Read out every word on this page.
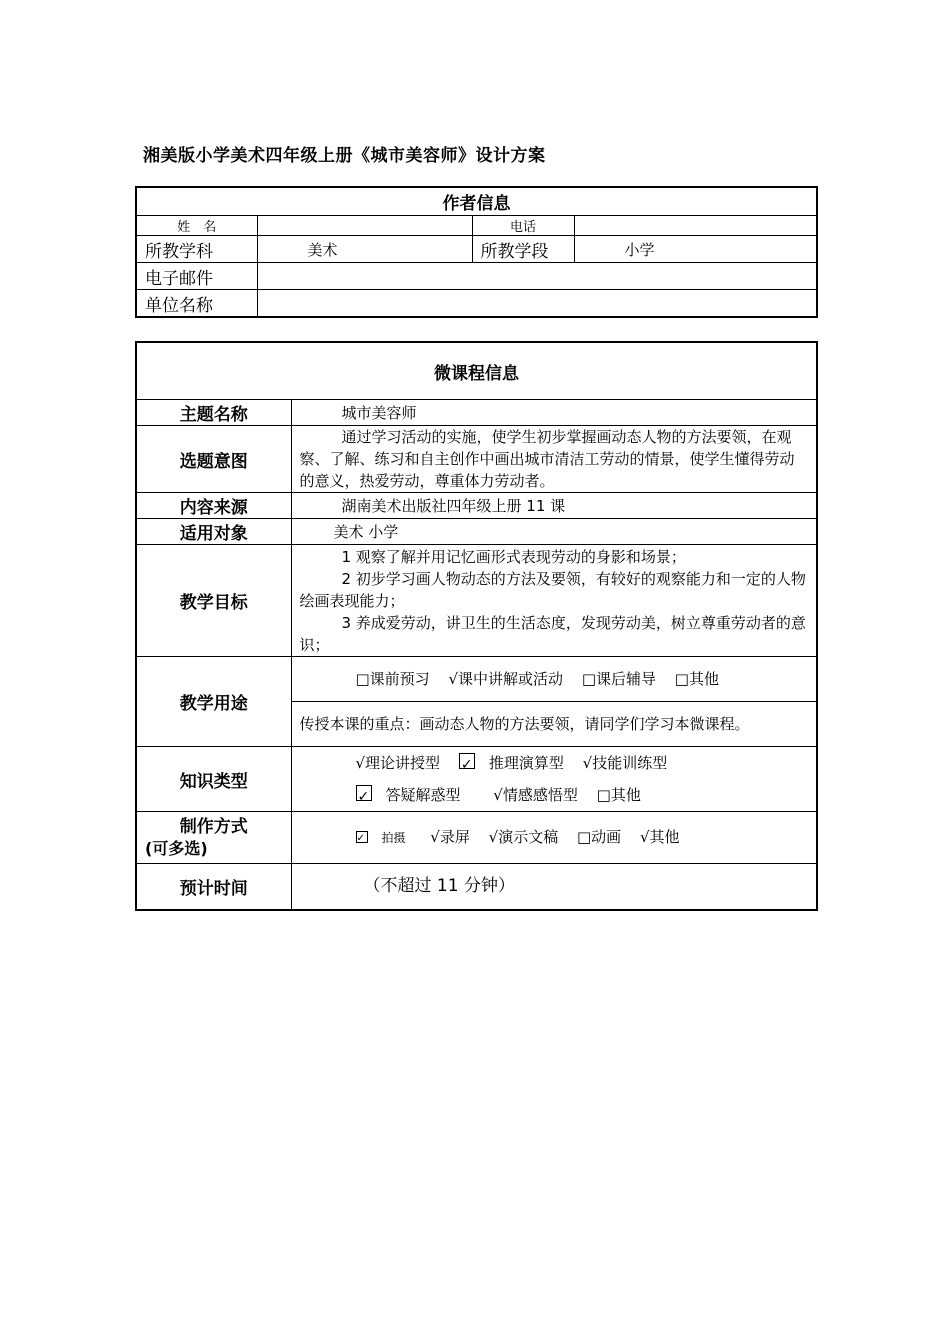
湘美版小学美术四年级上册《城市美容师》设计方案
作者信息			
姓　名		电话	
所教学科	美术	所教学段	小学
电子邮件			
单位名称			
微课程信息	
主题名称	城市美容师
选题意图	通过学习活动的实施，使学生初步掌握画动态人物的方法要领，在观察、了解、练习和自主创作中画出城市清洁工劳动的情景，使学生懂得劳动的意义，热爱劳动，尊重体力劳动者。

内容来源	湖南美术出版社四年级上册 11 课
适用对象	美术 小学
教学目标	1 观察了解并用记忆画形式表现劳动的身影和场景；

2 初步学习画人物动态的方法及要领，有较好的观察能力和一定的人物绘画表现能力；

3 养成爱劳动，讲卫生的生活态度，发现劳动美，树立尊重劳动者的意识；

教学用途	□课前预习 √课中讲解或活动 □课后辅导 □其他
	传授本课的重点：画动态人物的方法要领，请同学们学习本微课程。
知识类型	√理论讲授型 ✓ 推理演算型 √技能训练型
✓答疑解惑型 √情感感悟型 □其他

制作方式
(可多选)
	✓拍摄 √录屏 √演示文稿 □动画 √其他
预计时间	（不超过 11 分钟）
